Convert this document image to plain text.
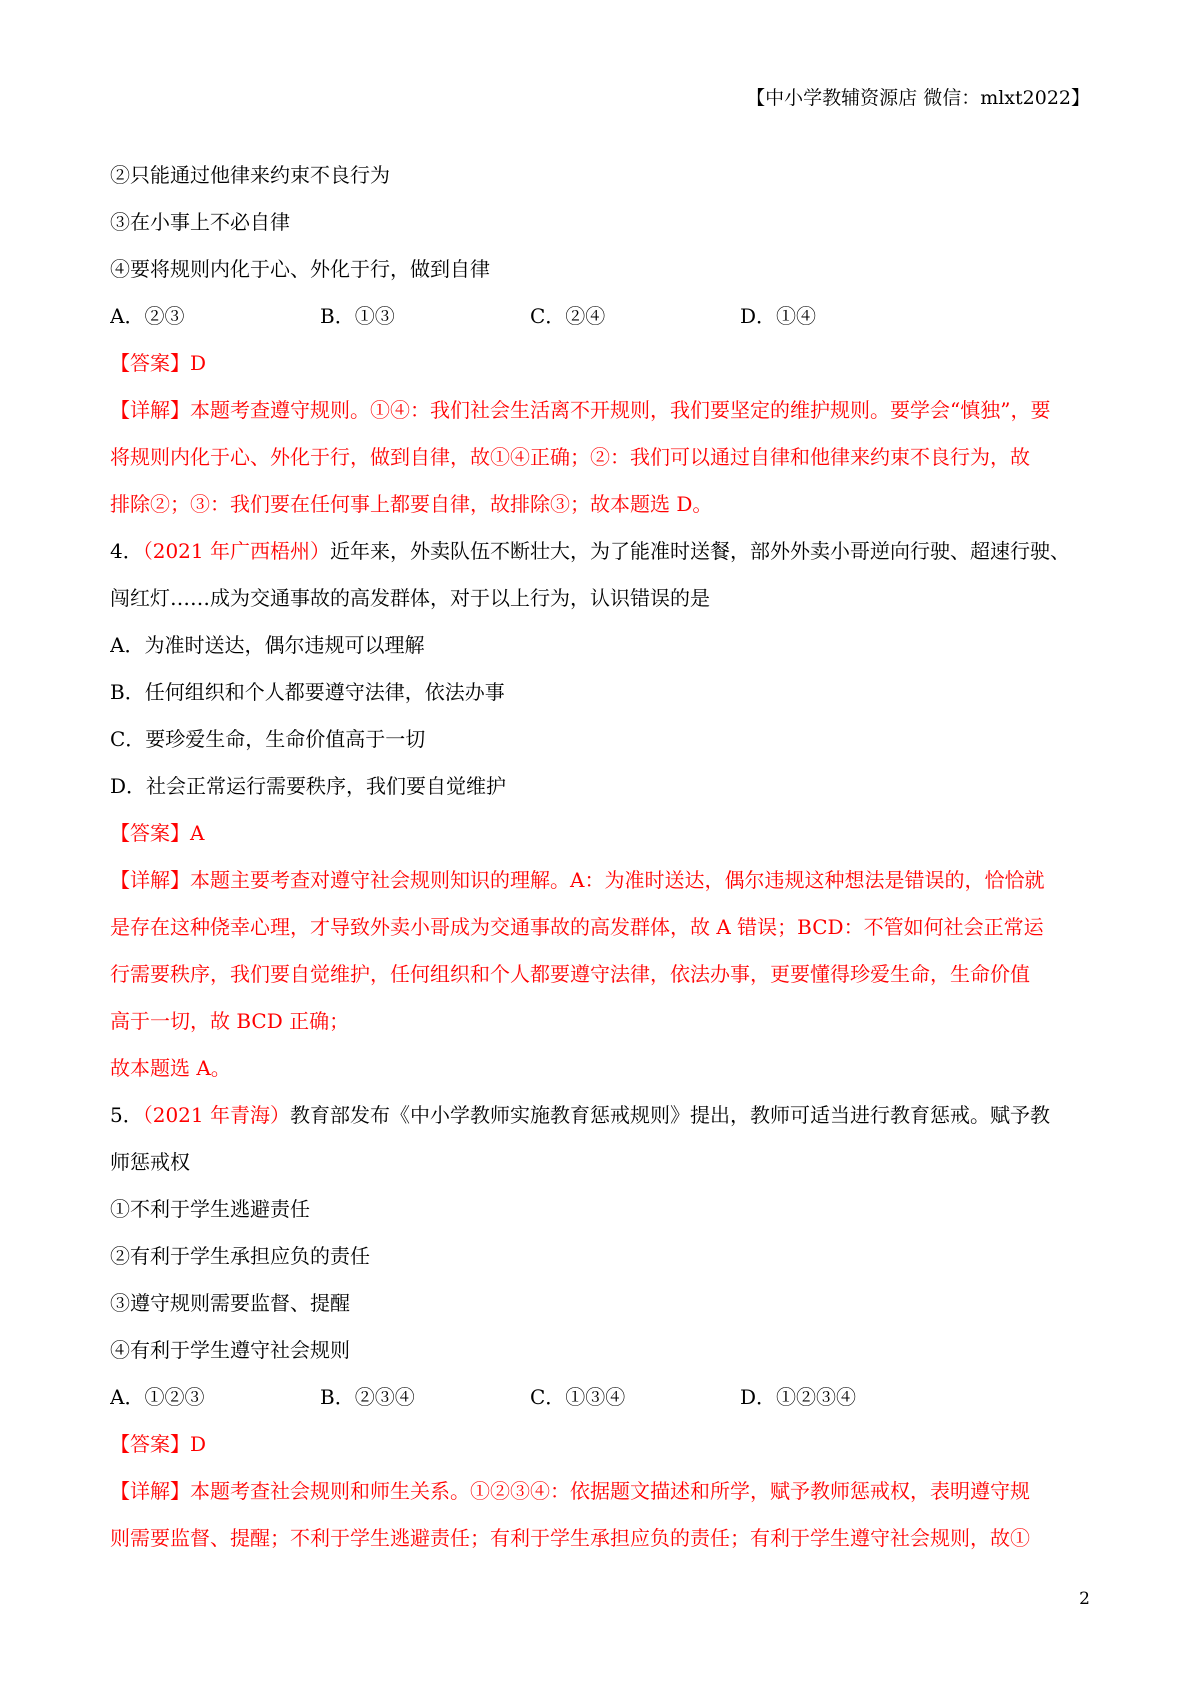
【中小学教辅资源店 微信：mlxt2022】
②只能通过他律来约束不良行为
③在小事上不必自律
④要将规则内化于心、外化于行，做到自律
A．②③	B．①③	C．②④	D．①④
【答案】D
【详解】本题考查遵守规则。①④：我们社会生活离不开规则，我们要坚定的维护规则。要学会“慎独”，要
将规则内化于心、外化于行，做到自律，故①④正确；②：我们可以通过自律和他律来约束不良行为，故
排除②；③：我们要在任何事上都要自律，故排除③；故本题选 D。
4．（2021 年广西梧州）近年来，外卖队伍不断壮大，为了能准时送餐，部外外卖小哥逆向行驶、超速行驶、
闯红灯……成为交通事故的高发群体，对于以上行为，认识错误的是
A．为准时送达，偶尔违规可以理解
B．任何组织和个人都要遵守法律，依法办事
C．要珍爱生命，生命价值高于一切
D．社会正常运行需要秩序，我们要自觉维护
【答案】A
【详解】本题主要考查对遵守社会规则知识的理解。A：为准时送达，偶尔违规这种想法是错误的，恰恰就
是存在这种侥幸心理，才导致外卖小哥成为交通事故的高发群体，故 A 错误；BCD：不管如何社会正常运
行需要秩序，我们要自觉维护，任何组织和个人都要遵守法律，依法办事，更要懂得珍爱生命，生命价值
高于一切，故 BCD 正确；
故本题选 A。
5．（2021 年青海）教育部发布《中小学教师实施教育惩戒规则》提出，教师可适当进行教育惩戒。赋予教
师惩戒权
①不利于学生逃避责任
②有利于学生承担应负的责任
③遵守规则需要监督、提醒
④有利于学生遵守社会规则
A．①②③	B．②③④	C．①③④	D．①②③④
【答案】D
【详解】本题考查社会规则和师生关系。①②③④：依据题文描述和所学，赋予教师惩戒权，表明遵守规
则需要监督、提醒；不利于学生逃避责任；有利于学生承担应负的责任；有利于学生遵守社会规则，故①
2
